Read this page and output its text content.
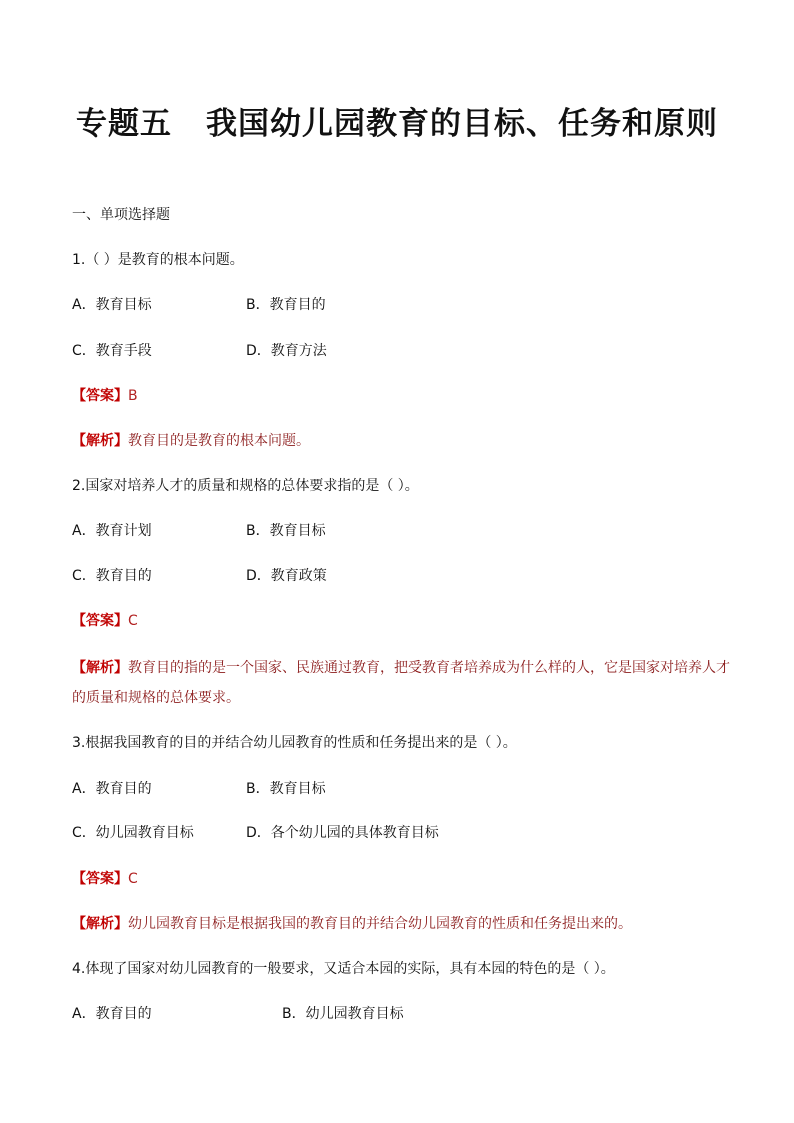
专题五 我国幼儿园教育的目标、任务和原则
一、单项选择题
1.（ ）是教育的根本问题。
A．教育目标	B．教育目的
C．教育手段	D．教育方法
【答案】B
【解析】教育目的是教育的根本问题。
2.国家对培养人才的质量和规格的总体要求指的是（ ）。
A．教育计划	B．教育目标
C．教育目的	D．教育政策
【答案】C
【解析】教育目的指的是一个国家、民族通过教育，把受教育者培养成为什么样的人，它是国家对培养人才的质量和规格的总体要求。
3.根据我国教育的目的并结合幼儿园教育的性质和任务提出来的是（ ）。
A．教育目的	B．教育目标
C．幼儿园教育目标	D．各个幼儿园的具体教育目标
【答案】C
【解析】幼儿园教育目标是根据我国的教育目的并结合幼儿园教育的性质和任务提出来的。
4.体现了国家对幼儿园教育的一般要求，又适合本园的实际，具有本园的特色的是（ ）。
A．教育目的	B．幼儿园教育目标
